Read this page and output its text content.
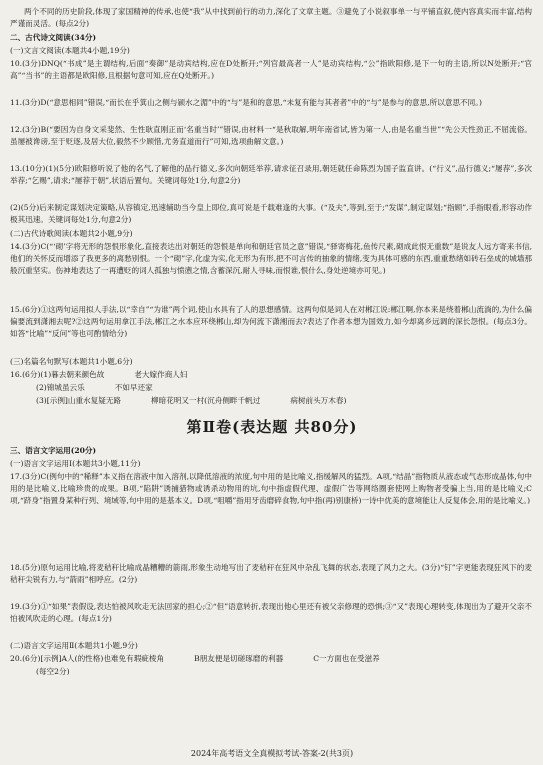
两个不同的历史阶段,体现了家国精神的传承,也使“我”从中找到前行的动力,深化了文章主题。③避免了小说叙事单一与平铺直叙,使内容真实而丰富,结构严谨而灵活。(每点2分)
二、古代诗文阅读(34分)
(一)文言文阅读(本题共4小题,19分)
10.(3分)DNQ(“书成”是主谓结构,后面“奏御”是动宾结构,应在D处断开;“列官最高者一人”是动宾结构,“公”指欧阳修,是下一句的主语,所以N处断开;“官高”“当书”的主语都是欧阳修,且根据句意可知,应在Q处断开。)
11.(3分)D(“意思相同”错误,“而长在乎箕山之侧与颍水之湄”中的“与”是和的意思,“未复有能与其者者”中的“与”是参与的意思,所以意思不同。)
12.(3分)B(“要因为自身文采斐然、生性耿直刚正而‘名重当时’”错误,由材料一“是秋取解,明年南省试,皆为第一人,由是名重当世”“先公天性劲正,不屈流俗。虽屡被谗谤,至于贬逐,及居大位,毅然不少顾惜,尤务直道而行”可知,选项曲解文意。)
13.(10分)(1)(5分)欧阳修听说了他的名气,了解他的品行德义,多次向朝廷举荐,请求征召录用,朝廷就任命陈烈为国子监直讲。(“行义”,品行德义;“屡荐”,多次举荐;“乞赐”,请求;“屡荐于朝”,状语后置句。关键词每处1分,句意2分)
(2)(5分)后来制定谋划决定策略,从容镇定,迅速辅助当今皇上即位,真可说是千载难逢的大事。(“及夫”,等到,至于;“发谋”,制定谋划;“指顾”,手指眼看,形容动作极其迅速。关键词每处1分,句意2分)
(二)古代诗歌阅读(本题共2小题,9分)
14.(3分)C(“‘砌’字将无形的怨恨形象化,直接表达出对朝廷的怨恨是单向和朝廷官员之意”错误,“驿寄梅花,鱼传尺素,砌成此恨无重数”是说友人远方寄来书信,他们的关怀反而增添了我更多的离愁别恨。一个“砌”字,化虚为实,化无形为有形,把不可言传的抽象的情绪,变为具体可感的东西,重重愁绪如砖石垒成的城墙那般沉重坚实。伤神地表达了一再遭贬的词人孤独与愤懑之情,含蓄深沉,耐人寻味,而恨谁,恨什么,身处逆境亦可见。)
15.(6分)①这两句运用拟人手法,以“幸自”“为谁”两个词,使山水具有了人的思想感情。这两句似是词人在对郴江说:郴江啊,你本来是绕着郴山流淌的,为什么偏偏要流到潇湘去呢?②这两句运用拿江手法,郴江之水本应环绕郴山,却为何流下潇湘而去?表达了作者本想为国效力,如今却离乡远调的深长怨恨。(每点3分。如答“比喻”“反问”等也可酌情给分)
(三)名篇名句默写(本题共1小题,6分)
16.(6分)(1)暮去朝来颜色故	老大嫁作商人妇
(2)锦城虽云乐	不如早还家
(3)[示例]山重水复疑无路	柳暗花明又一村(沉舟侧畔千帆过	病树前头万木春)
第Ⅱ卷(表达题 共80分)
三、语言文字运用(20分)
(一)语言文字运用Ⅰ(本题共3小题,11分)
17.(3分)C(例句中的“稀释”本义指在溶液中加入溶剂,以降低溶液的浓度,句中用的是比喻义,指缓解风的猛烈。A项,“结晶”指物质从液态或气态形成晶体,句中用的是比喻义,比喻珍贵的成果。B项,“陷阱”诱捕猎物或诱杀动物用的坑,句中指虚假代理、虚假广告等网络圈套使网上购物者受骗上当,用的是比喻义;C项,“跻身”指置身某种行列、境域等,句中用的是基本义。D项,“咀嚼”指用牙齿磨碎食物,句中指(再)别康桥)一诗中优美的意境能让人反复体会,用的是比喻义。)
18.(5分)原句运用比喻,将麦秸秆比喻成晶糟糟的箭雨,形象生动地写出了麦秸秆在狂风中杂乱飞舞的状态,表现了风力之大。(3分)“钉”字更能表现狂风下的麦秸秆尖锐有力,与“箭雨”相呼应。(2分)
19.(3分)①“如果”表假设,表达怕被风吹走无法回家的担心;②“但”语意转折,表现出他心里还有被父亲修理的恐惧;③“又”表现心理转变,体现出为了避开父亲不怕被风吹走的心理。(每点1分)
(二)语言文字运用Ⅱ(本题共1小题,9分)
20.(6分)[示例]A人(的性格)也难免有瑕疵棱角	B朋友便是切磋琢磨的利器	C一方面也在受滋养
(每空2分)
2024年高考语文全真模拟考试-答案-2(共3页)
